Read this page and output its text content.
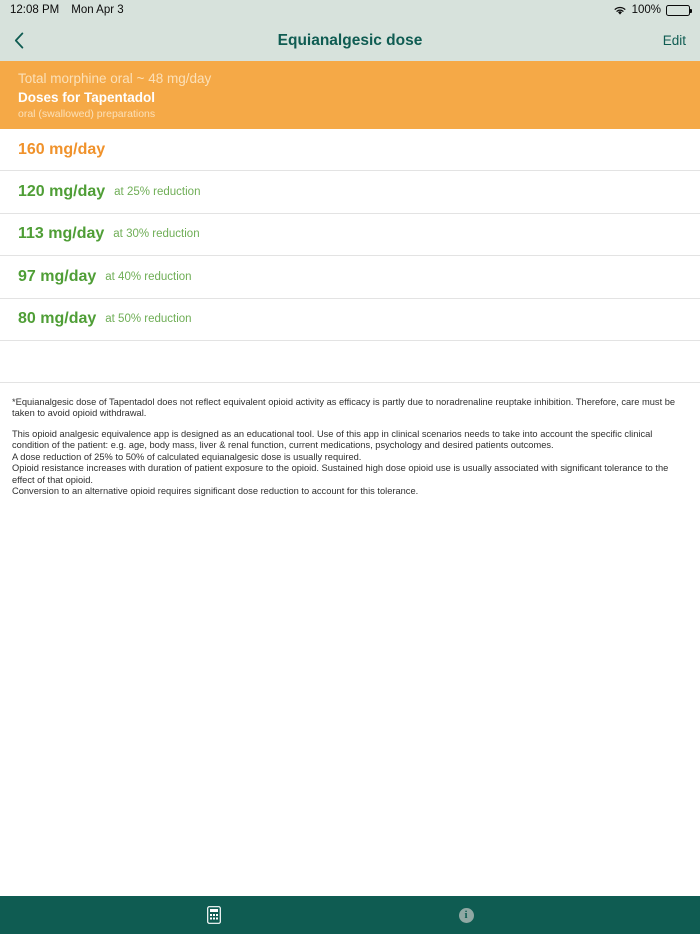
12:08 PM Mon Apr 3	100%
Equianalgesic dose	Edit
Total morphine oral ~ 48 mg/day
Doses for Tapentadol
oral (swallowed) preparations
160 mg/day
120 mg/day at 25% reduction
113 mg/day at 30% reduction
97 mg/day at 40% reduction
80 mg/day at 50% reduction

*Equianalgesic dose of Tapentadol does not reflect equivalent opioid activity as efficacy is partly due to noradrenaline reuptake inhibition. Therefore, care must be taken to avoid opioid withdrawal.

This opioid analgesic equivalence app is designed as an educational tool. Use of this app in clinical scenarios needs to take into account the specific clinical condition of the patient: e.g. age, body mass, liver & renal function, current medications, psychology and desired patients outcomes.

A dose reduction of 25% to 50% of calculated equianalgesic dose is usually required.

Opioid resistance increases with duration of patient exposure to the opioid. Sustained high dose opioid use is usually associated with significant tolerance to the effect of that opioid.

Conversion to an alternative opioid requires significant dose reduction to account for this tolerance.

i
